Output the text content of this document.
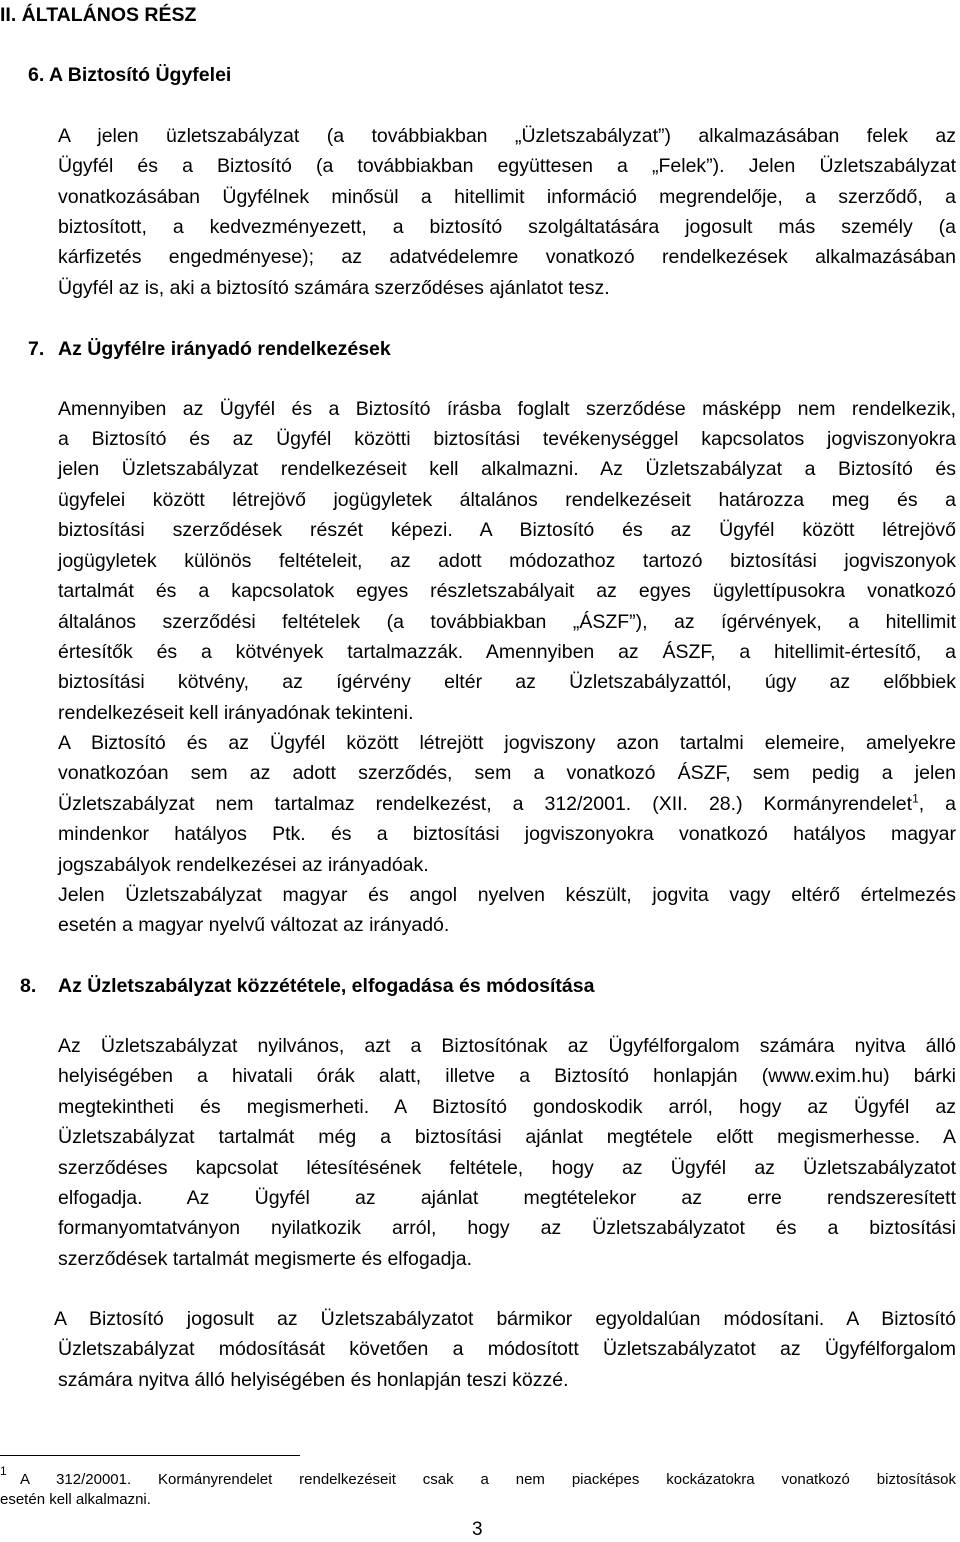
II. ÁLTALÁNOS RÉSZ
6. A Biztosító Ügyfelei
A jelen üzletszabályzat (a továbbiakban „Üzletszabályzat”) alkalmazásában felek az
Ügyfél és a Biztosító (a továbbiakban együttesen a „Felek”). Jelen Üzletszabályzat
vonatkozásában Ügyfélnek minősül a hitellimit információ megrendelője, a szerződő, a
biztosított, a kedvezményezett, a biztosító szolgáltatására jogosult más személy (a
kárfizetés engedményese); az adatvédelemre vonatkozó rendelkezések alkalmazásában
Ügyfél az is, aki a biztosító számára szerződéses ajánlatot tesz.
7. Az Ügyfélre irányadó rendelkezések
Amennyiben az Ügyfél és a Biztosító írásba foglalt szerződése másképp nem rendelkezik,
a Biztosító és az Ügyfél közötti biztosítási tevékenységgel kapcsolatos jogviszonyokra
jelen Üzletszabályzat rendelkezéseit kell alkalmazni. Az Üzletszabályzat a Biztosító és
ügyfelei között létrejövő jogügyletek általános rendelkezéseit határozza meg és a
biztosítási szerződések részét képezi. A Biztosító és az Ügyfél között létrejövő
jogügyletek különös feltételeit, az adott módozathoz tartozó biztosítási jogviszonyok
tartalmát és a kapcsolatok egyes részletszabályait az egyes ügylettípusokra vonatkozó
általános szerződési feltételek (a továbbiakban „ÁSZF”), az ígérvények, a hitellimit
értesítők és a kötvények tartalmazzák. Amennyiben az ÁSZF, a hitellimit-értesítő, a
biztosítási kötvény, az ígérvény eltér az Üzletszabályzattól, úgy az előbbiek
rendelkezéseit kell irányadónak tekinteni.
A Biztosító és az Ügyfél között létrejött jogviszony azon tartalmi elemeire, amelyekre
vonatkozóan sem az adott szerződés, sem a vonatkozó ÁSZF, sem pedig a jelen
Üzletszabályzat nem tartalmaz rendelkezést, a 312/2001. (XII. 28.) Kormányrendelet$^1$, a
mindenkor hatályos Ptk. és a biztosítási jogviszonyokra vonatkozó hatályos magyar
jogszabályok rendelkezései az irányadóak.
Jelen Üzletszabályzat magyar és angol nyelven készült, jogvita vagy eltérő értelmezés
esetén a magyar nyelvű változat az irányadó.
8. Az Üzletszabályzat közzététele, elfogadása és módosítása
Az Üzletszabályzat nyilvános, azt a Biztosítónak az Ügyfélforgalom számára nyitva álló
helyiségében a hivatali órák alatt, illetve a Biztosító honlapján (www.exim.hu) bárki
megtekintheti és megismerheti. A Biztosító gondoskodik arról, hogy az Ügyfél az
Üzletszabályzat tartalmát még a biztosítási ajánlat megtétele előtt megismerhesse. A
szerződéses kapcsolat létesítésének feltétele, hogy az Ügyfél az Üzletszabályzatot
elfogadja. Az Ügyfél az ajánlat megtételekor az erre rendszeresített
formanyomtatványon nyilatkozik arról, hogy az Üzletszabályzatot és a biztosítási
szerződések tartalmát megismerte és elfogadja.
A Biztosító jogosult az Üzletszabályzatot bármikor egyoldalúan módosítani. A Biztosító
Üzletszabályzat módosítását követően a módosított Üzletszabályzatot az Ügyfélforgalom
számára nyitva álló helyiségében és honlapján teszi közzé.
$^1$ A 312/20001. Kormányrendelet rendelkezéseit csak a nem piacképes kockázatokra vonatkozó biztosítások
esetén kell alkalmazni.
3
